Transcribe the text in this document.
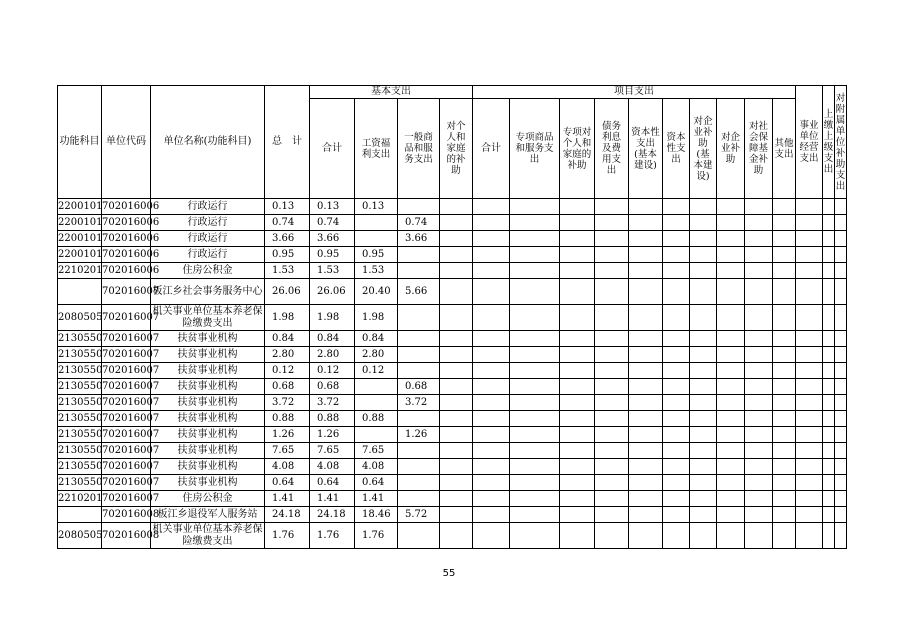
功能科目	单位代码	单位名称(功能科目)	总　计	基本支出				项目支出										事业单位经营支出	上缴上级支出	对附属单位补助支出
				合计	工资福利支出	一般商品和服务支出	对个人和家庭的补助	合计	专项商品和服务支出	专项对个人和家庭的补助	债务利息及费用支出	资本性支出(基本建设)	资本性支出	对企业补助(基本建设)	对企业补助	对社会保障基金补助	其他支出			
2200101	702016006	行政运行	0.13	0.13	0.13															
2200101	702016006	行政运行	0.74	0.74		0.74														
2200101	702016006	行政运行	3.66	3.66		3.66														
2200101	702016006	行政运行	0.95	0.95	0.95															
2210201	702016006	住房公积金	1.53	1.53	1.53															
	702016007	板江乡社会事务服务中心	26.06	26.06	20.40	5.66														
2080505	702016007	机关事业单位基本养老保险缴费支出	1.98	1.98	1.98															
2130550	702016007	扶贫事业机构	0.84	0.84	0.84															
2130550	702016007	扶贫事业机构	2.80	2.80	2.80															
2130550	702016007	扶贫事业机构	0.12	0.12	0.12															
2130550	702016007	扶贫事业机构	0.68	0.68		0.68														
2130550	702016007	扶贫事业机构	3.72	3.72		3.72														
2130550	702016007	扶贫事业机构	0.88	0.88	0.88															
2130550	702016007	扶贫事业机构	1.26	1.26		1.26														
2130550	702016007	扶贫事业机构	7.65	7.65	7.65															
2130550	702016007	扶贫事业机构	4.08	4.08	4.08															
2130550	702016007	扶贫事业机构	0.64	0.64	0.64															
2210201	702016007	住房公积金	1.41	1.41	1.41															
	702016008	板江乡退役军人服务站	24.18	24.18	18.46	5.72														
2080505	702016008	机关事业单位基本养老保险缴费支出	1.76	1.76	1.76															
55
